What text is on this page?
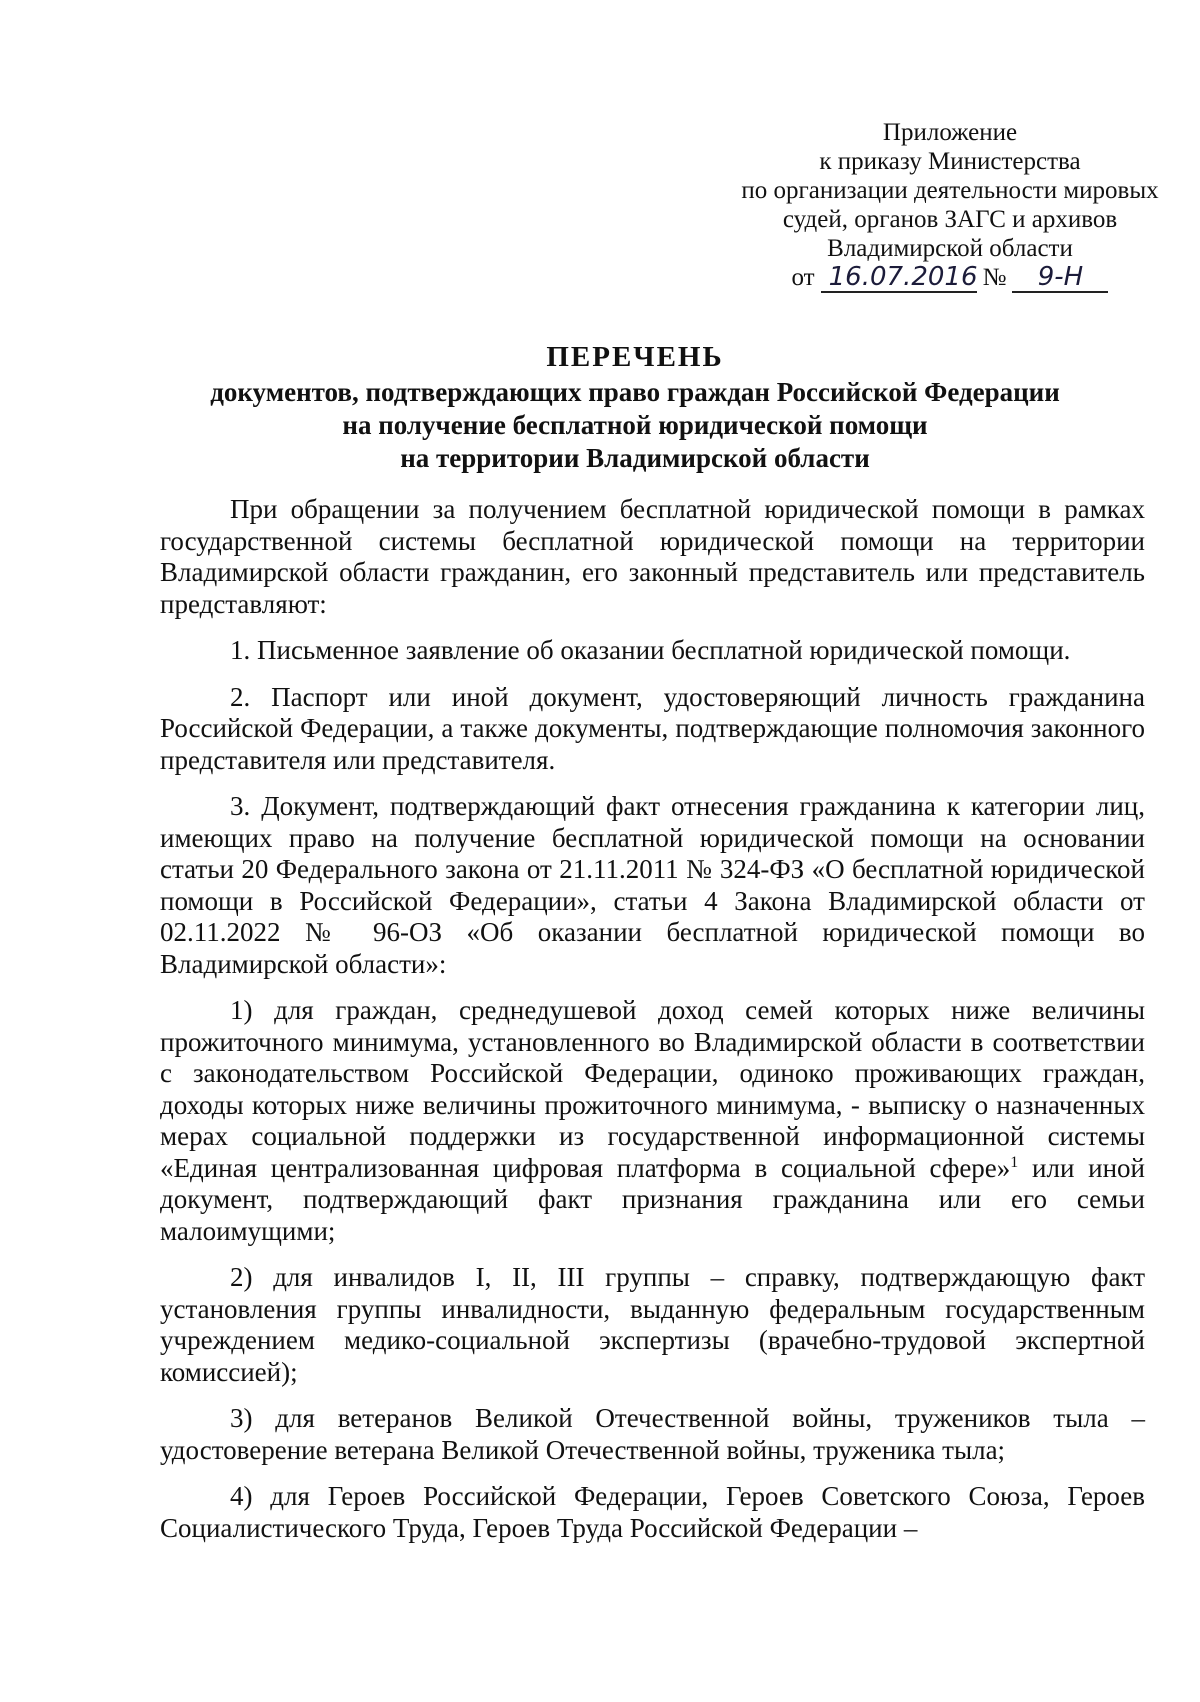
Приложение
к приказу Министерства
по организации деятельности мировых
судей, органов ЗАГС и архивов
Владимирской области
от 16.07.2016 №	9-Н
ПЕРЕЧЕНЬ
документов, подтверждающих право граждан Российской Федерации
на получение бесплатной юридической помощи
на территории Владимирской области

При обращении за получением бесплатной юридической помощи в рамках государственной системы бесплатной юридической помощи на территории Владимирской области гражданин, его законный представитель или представитель представляют:

1. Письменное заявление об оказании бесплатной юридической помощи.

2. Паспорт или иной документ, удостоверяющий личность гражданина Российской Федерации, а также документы, подтверждающие полномочия законного представителя или представителя.

3. Документ, подтверждающий факт отнесения гражданина к категории лиц, имеющих право на получение бесплатной юридической помощи на основании статьи 20 Федерального закона от 21.11.2011 № 324-ФЗ «О бесплатной юридической помощи в Российской Федерации», статьи 4 Закона Владимирской области от 02.11.2022 № 96-ОЗ «Об оказании бесплатной юридической помощи во Владимирской области»:

1) для граждан, среднедушевой доход семей которых ниже величины прожиточного минимума, установленного во Владимирской области в соответствии с законодательством Российской Федерации, одиноко проживающих граждан, доходы которых ниже величины прожиточного минимума, - выписку о назначенных мерах социальной поддержки из государственной информационной системы «Единая централизованная цифровая платформа в социальной сфере»$^1$ или иной документ, подтверждающий факт признания гражданина или его семьи малоимущими;

2) для инвалидов I, II, III группы – справку, подтверждающую факт установления группы инвалидности, выданную федеральным государственным учреждением медико-социальной экспертизы (врачебно-трудовой экспертной комиссией);

3) для ветеранов Великой Отечественной войны, тружеников тыла – удостоверение ветерана Великой Отечественной войны, труженика тыла;

4) для Героев Российской Федерации, Героев Советского Союза, Героев Социалистического Труда, Героев Труда Российской Федерации –
